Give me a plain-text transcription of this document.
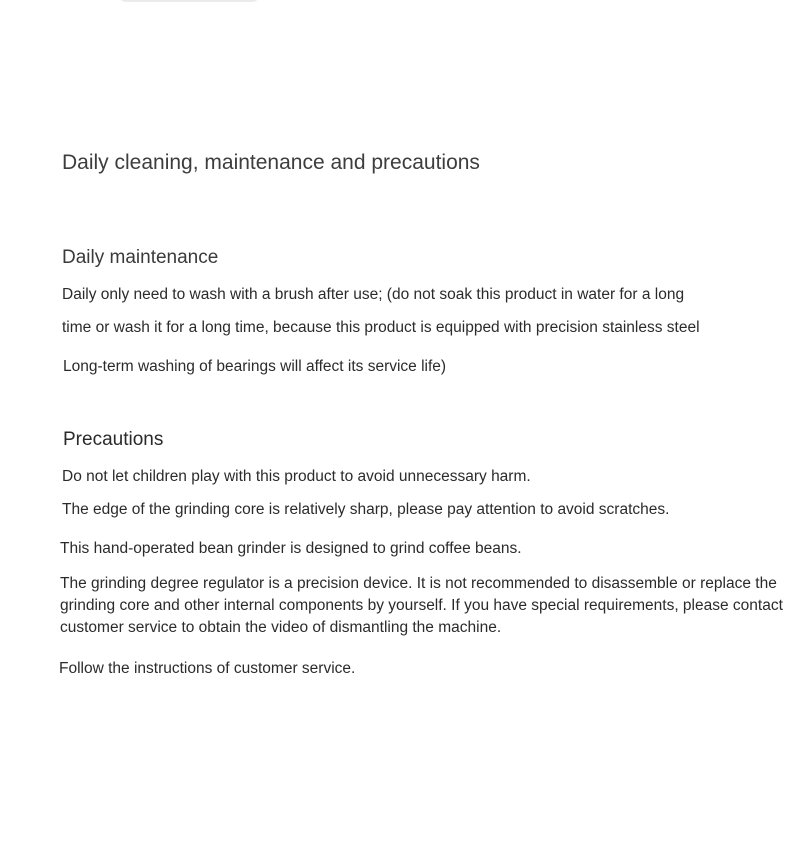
Daily cleaning, maintenance and precautions
Daily maintenance

Daily only need to wash with a brush after use; (do not soak this product in water for a long

time or wash it for a long time, because this product is equipped with precision stainless steel

Long-term washing of bearings will affect its service life)

Precautions

Do not let children play with this product to avoid unnecessary harm.

The edge of the grinding core is relatively sharp, please pay attention to avoid scratches.

This hand-operated bean grinder is designed to grind coffee beans.

The grinding degree regulator is a precision device. It is not recommended to disassemble or replace the grinding core and other internal components by yourself. If you have special requirements, please contact customer service to obtain the video of dismantling the machine.

Follow the instructions of customer service.
